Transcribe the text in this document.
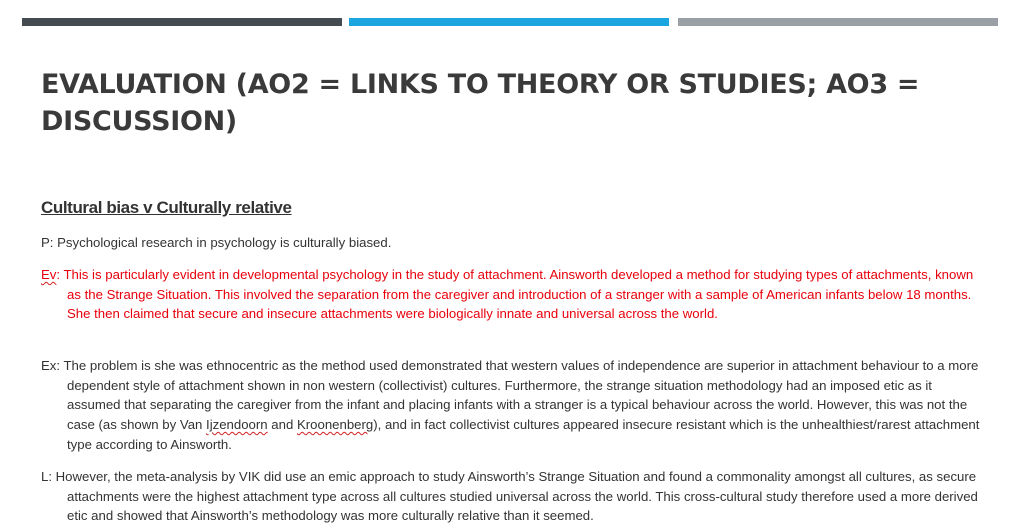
EVALUATION (AO2 = LINKS TO THEORY OR STUDIES; AO3 = DISCUSSION)
Cultural bias v Culturally relative

P: Psychological research in psychology is culturally biased.

Ev: This is particularly evident in developmental psychology in the study of attachment. Ainsworth developed a method for studying types of attachments, known as the Strange Situation. This involved the separation from the caregiver and introduction of a stranger with a sample of American infants below 18 months. She then claimed that secure and insecure attachments were biologically innate and universal across the world.

Ex: The problem is she was ethnocentric as the method used demonstrated that western values of independence are superior in attachment behaviour to a more dependent style of attachment shown in non western (collectivist) cultures. Furthermore, the strange situation methodology had an imposed etic as it assumed that separating the caregiver from the infant and placing infants with a stranger is a typical behaviour across the world. However, this was not the case (as shown by Van Ijzendoorn and Kroonenberg), and in fact collectivist cultures appeared insecure resistant which is the unhealthiest/rarest attachment type according to Ainsworth.

L: However, the meta-analysis by VIK did use an emic approach to study Ainsworth’s Strange Situation and found a commonality amongst all cultures, as secure attachments were the highest attachment type across all cultures studied universal across the world. This cross-cultural study therefore used a more derived etic and showed that Ainsworth’s methodology was more culturally relative than it seemed.
